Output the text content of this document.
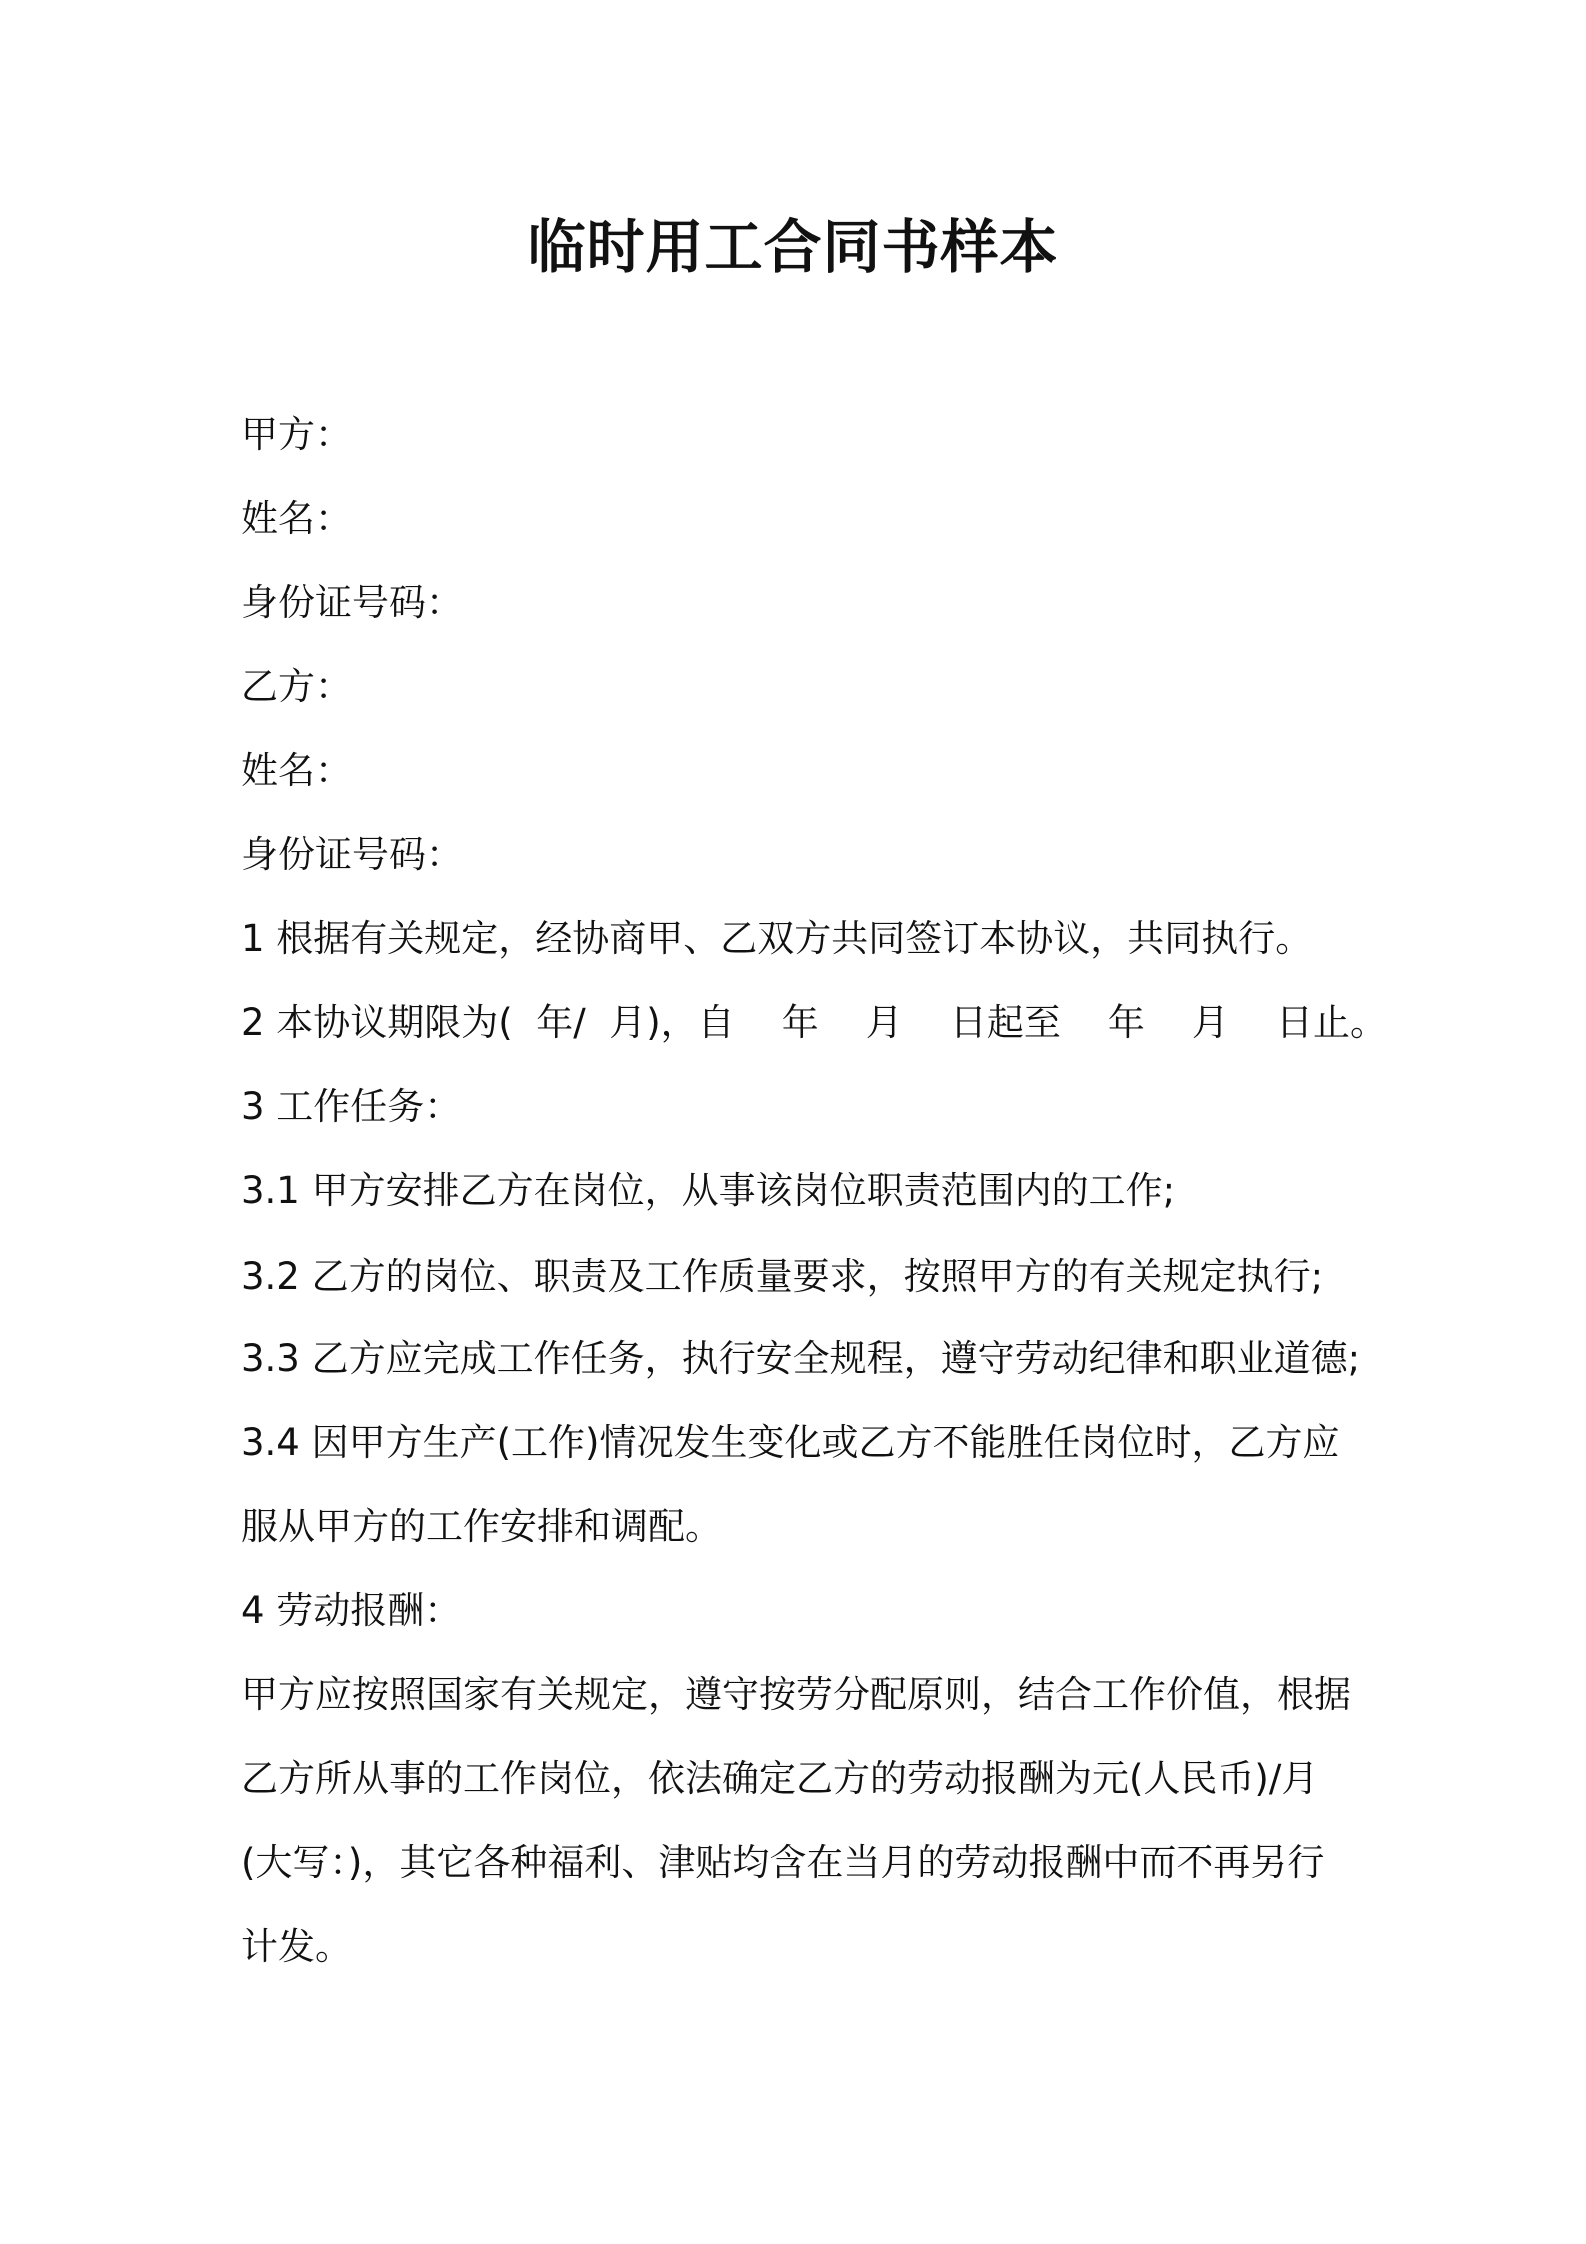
临时用工合同书样本

甲方：

姓名：

身份证号码：

乙方：

姓名：

身份证号码：

1 根据有关规定，经协商甲、乙双方共同签订本协议，共同执行。

2 本协议期限为(  年/  月)，自    年    月    日起至    年    月    日止。

3 工作任务：

3.1 甲方安排乙方在岗位，从事该岗位职责范围内的工作;

3.2 乙方的岗位、职责及工作质量要求，按照甲方的有关规定执行;

3.3 乙方应完成工作任务，执行安全规程，遵守劳动纪律和职业道德;

3.4 因甲方生产(工作)情况发生变化或乙方不能胜任岗位时，乙方应

服从甲方的工作安排和调配。

4 劳动报酬：

甲方应按照国家有关规定，遵守按劳分配原则，结合工作价值，根据

乙方所从事的工作岗位，依法确定乙方的劳动报酬为元(人民币)/月

(大写：)，其它各种福利、津贴均含在当月的劳动报酬中而不再另行

计发。
